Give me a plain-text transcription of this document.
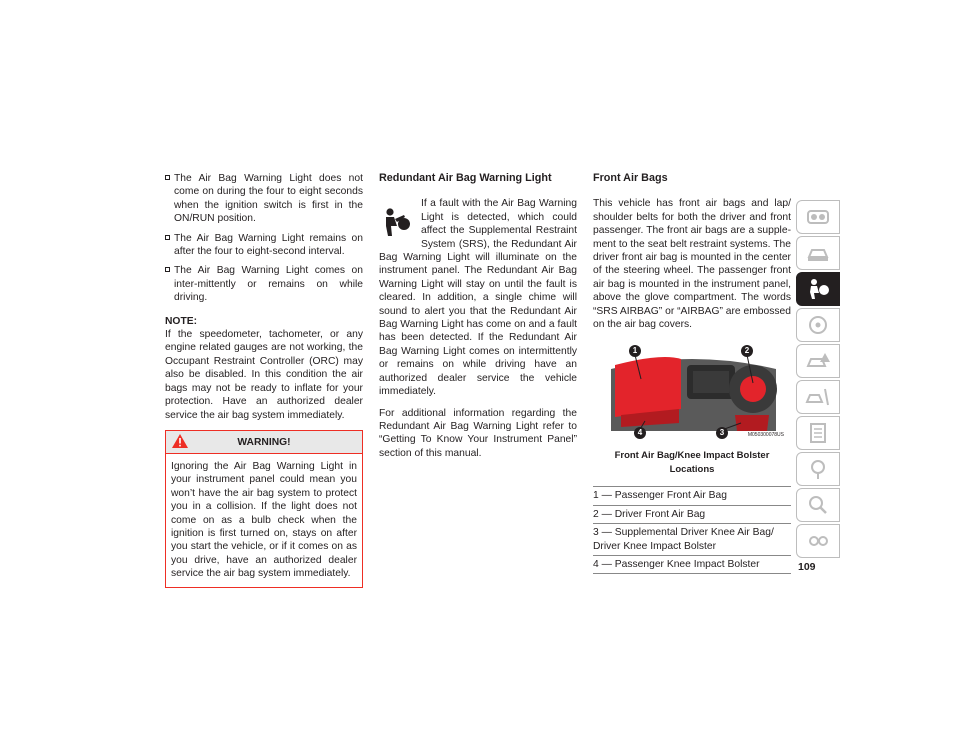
The Air Bag Warning Light does not come on during the four to eight seconds when the ignition switch is first in the ON/RUN position.
The Air Bag Warning Light remains on after the four to eight-second interval.
The Air Bag Warning Light comes on inter-mittently or remains on while driving.
NOTE:

If the speedometer, tachometer, or any engine related gauges are not working, the Occupant Restraint Controller (ORC) may also be disabled. In this condition the air bags may not be ready to inflate for your protection. Have an authorized dealer service the air bag system immediately.

WARNING!
Ignoring the Air Bag Warning Light in your instrument panel could mean you won’t have the air bag system to protect you in a collision. If the light does not come on as a bulb check when the ignition is first turned on, stays on after you start the vehicle, or if it comes on as you drive, have an authorized dealer service the air bag system immediately.
Redundant Air Bag Warning Light

If a fault with the Air Bag Warning Light is detected, which could affect the Supplemental Restraint System (SRS), the Redundant Air Bag Warning Light will illuminate on the instrument panel. The Redundant Air Bag Warning Light will stay on until the fault is cleared. In addition, a single chime will sound to alert you that the Redundant Air Bag Warning Light has come on and a fault has been detected. If the Redundant Air Bag Warning Light comes on intermittently or remains on while driving have an authorized dealer service the vehicle immediately.

For additional information regarding the Redundant Air Bag Warning Light refer to “Getting To Know Your Instrument Panel” section of this manual.

Front Air Bags

This vehicle has front air bags and lap/ shoulder belts for both the driver and front passenger. The front air bags are a supple-ment to the seat belt restraint systems. The driver front air bag is mounted in the center of the steering wheel. The passenger front air bag is mounted in the instrument panel, above the glove compartment. The words “SRS AIRBAG” or “AIRBAG” are embossed on the air bag covers.

1	2
3
4	M050300078US
Front Air Bag/Knee Impact Bolster Locations
1 — Passenger Front Air Bag
2 — Driver Front Air Bag
3 — Supplemental Driver Knee Air Bag/ Driver Knee Impact Bolster
4 — Passenger Knee Impact Bolster	109
